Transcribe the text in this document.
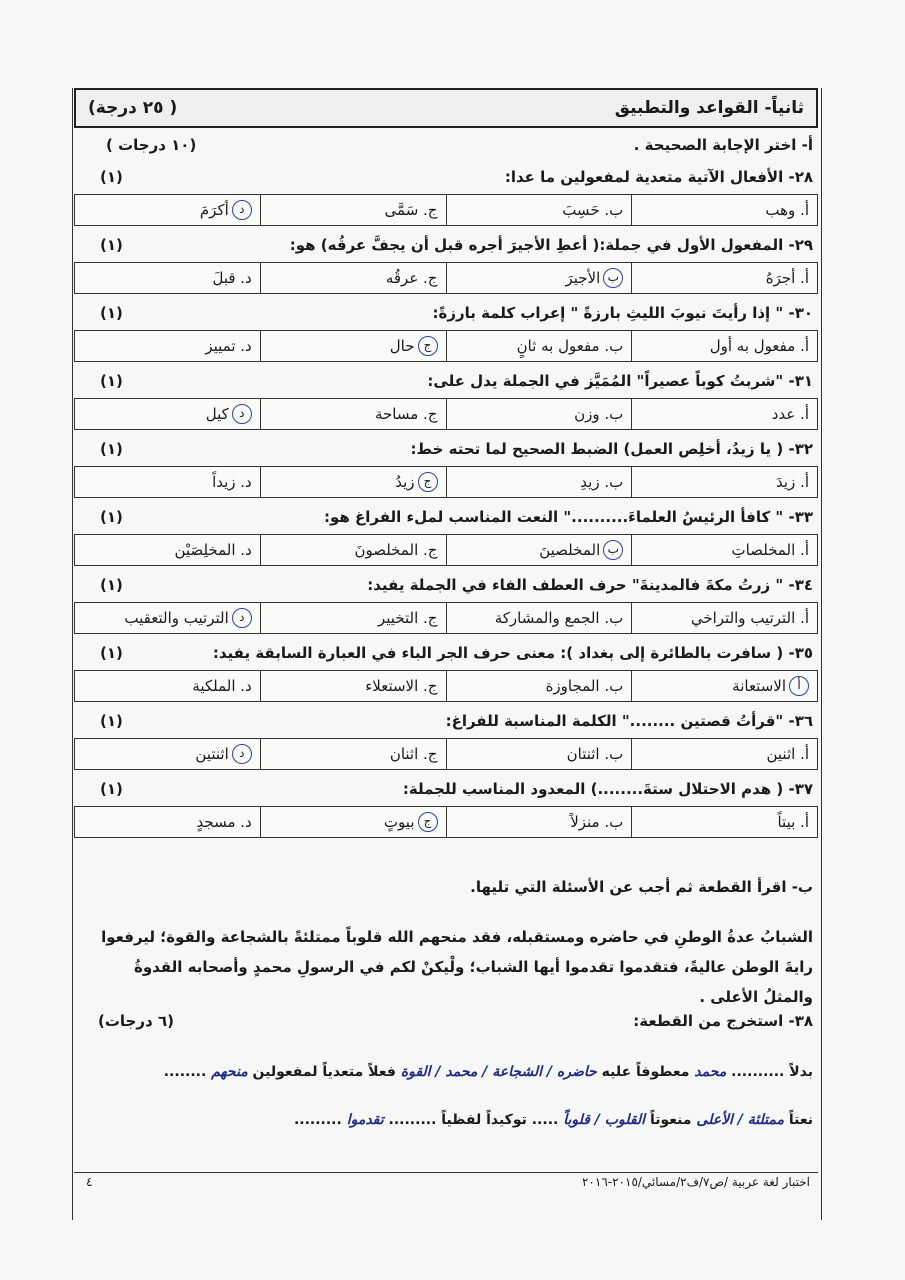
ثانياً- القواعد والتطبيق
( ٢٥ درجة)
أ- اختر الإجابة الصحيحة .
( ١٠ درجات)
٢٨- الأفعال الآتية متعدية لمفعولين ما عدا:
(١)
أ. وهب
ب. حَسِبَ
ج. سَمَّى
د
أكرَمَ
٢٩- المفعول الأول في جملة:( أعطِ الأجيرَ أجره قبل أن يجفَّ عرقُه) هو:
(١)
أ. أجرَهُ
ب
الأجيرَ
ج. عرقُه
د. قبلَ
٣٠- " إذا رأيتَ نيوبَ الليثِ بارزةً " إعراب كلمة بارزةً:
(١)
أ. مفعول به أول
ب. مفعول به ثانٍ
ج
حال
د. تمييز
٣١- "شربتُ كوباً عصيراً" المُمَيَّز في الجملة يدل على:
(١)
أ. عدد
ب. وزن
ج. مساحة
د
كيل
٣٢- ( يا زيدُ، أخلِص العمل) الضبط الصحيح لما تحته خط:
(١)
أ. زيدَ
ب. زيدِ
ج
زيدُ
د. زيداً
٣٣- " كافأ الرئيسُ العلماءَ.........." النعت المناسب لملء الفراغ هو:
(١)
أ. المخلصاتِ
ب
المخلصينَ
ج. المخلصونَ
د. المخلِصَيْن
٣٤- " زرتُ مكةَ فالمدينةَ" حرف العطف الفاء في الجملة يفيد:
(١)
أ. الترتيب والتراخي
ب. الجمع والمشاركة
ج. التخيير
د
الترتيب والتعقيب
٣٥- ( سافرت بالطائرة إلى بغداد ): معنى حرف الجر الباء في العبارة السابقة يفيد:
(١)
أ
الاستعانة
ب. المجاوزة
ج. الاستعلاء
د. الملكية
٣٦- "قرأتُ قصتين ........" الكلمة المناسبة للفراغ:
(١)
أ. اثنين
ب. اثنتان
ج. اثنان
د
اثنتين
٣٧- ( هدم الاحتلال ستةَ........) المعدود المناسب للجملة:
(١)
أ. بيتاً
ب. منزلاً
ج
بيوتٍ
د. مسجدٍ
ب- اقرأ القطعة ثم أجب عن الأسئلة التي تليها.
الشبابُ عدةُ الوطنِ في حاضره ومستقبله، فقد منحهم الله قلوباً ممتلئةً بالشجاعة والقوة؛ ليرفعوا رايةَ الوطن عاليةً، فتقدموا تقدموا أيها الشباب؛ ولْيكنْ لكم في الرسولِ محمدٍ وأصحابه القدوةُ والمثلُ الأعلى .
٣٨- استخرج من القطعة:
(٦ درجات)
بدلاً .......... محمد معطوفاً عليه حاضره / الشجاعة / محمد / القوة فعلاً متعدياً لمفعولين منحهم ........
نعتاً ممتلئة / الأعلى منعوتاً القلوب / قلوباً ..... توكيداً لفظياً ......... تقدموا .........
اختبار لغة عربية /ص٧/ف٢/مسائي/٢٠١٥-٢٠١٦
٤
